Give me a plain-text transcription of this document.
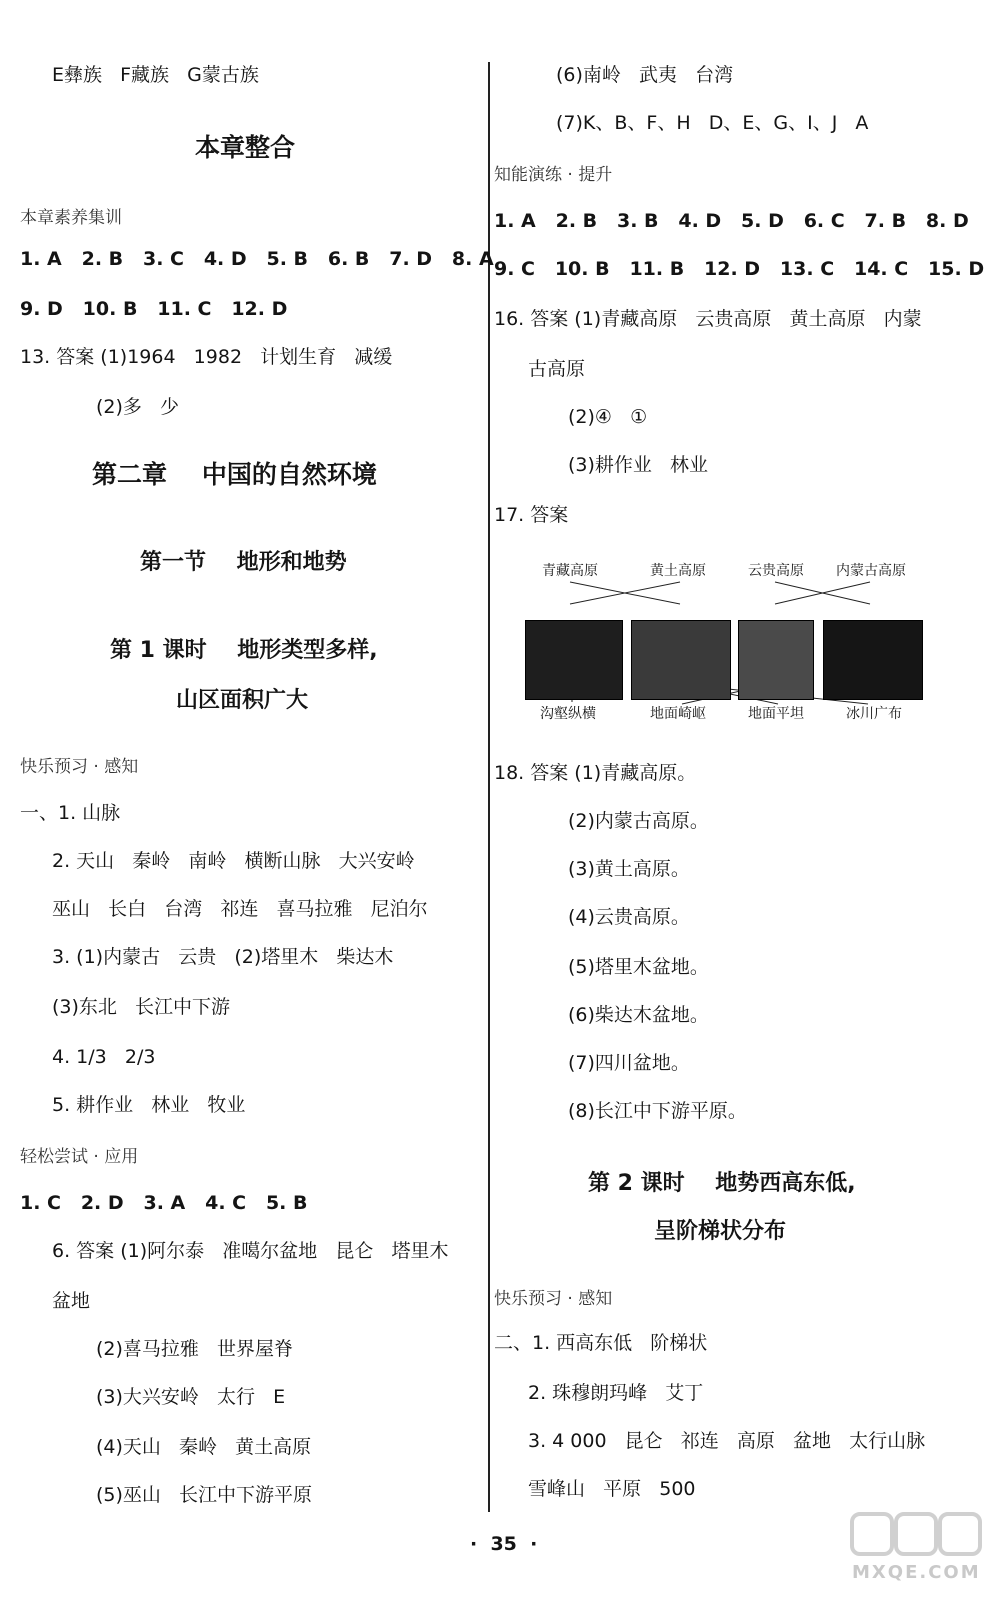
E彝族   F藏族   G蒙古族
本章整合
本章素养集训
1. A   2. B   3. C   4. D   5. B   6. B   7. D   8. A
9. D   10. B   11. C   12. D
13. 答案 (1)1964   1982   计划生育   减缓
(2)多   少
第二章    中国的自然环境
第一节    地形和地势
第 1 课时    地形类型多样,
山区面积广大
快乐预习 · 感知
一、1. 山脉
2. 天山   秦岭   南岭   横断山脉   大兴安岭
巫山   长白   台湾   祁连   喜马拉雅   尼泊尔
3. (1)内蒙古   云贵   (2)塔里木   柴达木
(3)东北   长江中下游
4. 1/3   2/3
5. 耕作业   林业   牧业
轻松尝试 · 应用
1. C   2. D   3. A   4. C   5. B
6. 答案 (1)阿尔泰   准噶尔盆地   昆仑   塔里木
盆地
(2)喜马拉雅   世界屋脊
(3)大兴安岭   太行   E
(4)天山   秦岭   黄土高原
(5)巫山   长江中下游平原
(6)南岭   武夷   台湾
(7)K、B、F、H   D、E、G、I、J   A
知能演练 · 提升
1. A   2. B   3. B   4. D   5. D   6. C   7. B   8. D
9. C   10. B   11. B   12. D   13. C   14. C   15. D
16. 答案 (1)青藏高原   云贵高原   黄土高原   内蒙
古高原
(2)④   ①
(3)耕作业   林业
17. 答案
青藏高原	黄土高原	云贵高原 内蒙古高原
沟壑纵横	地面崎岖	地面平坦	冰川广布
18. 答案 (1)青藏高原。
(2)内蒙古高原。
(3)黄土高原。
(4)云贵高原。
(5)塔里木盆地。
(6)柴达木盆地。
(7)四川盆地。
(8)长江中下游平原。
第 2 课时    地势西高东低,
呈阶梯状分布
快乐预习 · 感知
二、1. 西高东低   阶梯状
2. 珠穆朗玛峰   艾丁
3. 4 000   昆仑   祁连   高原   盆地   太行山脉
雪峰山   平原   500
·  35  ·
MXQE.COM
